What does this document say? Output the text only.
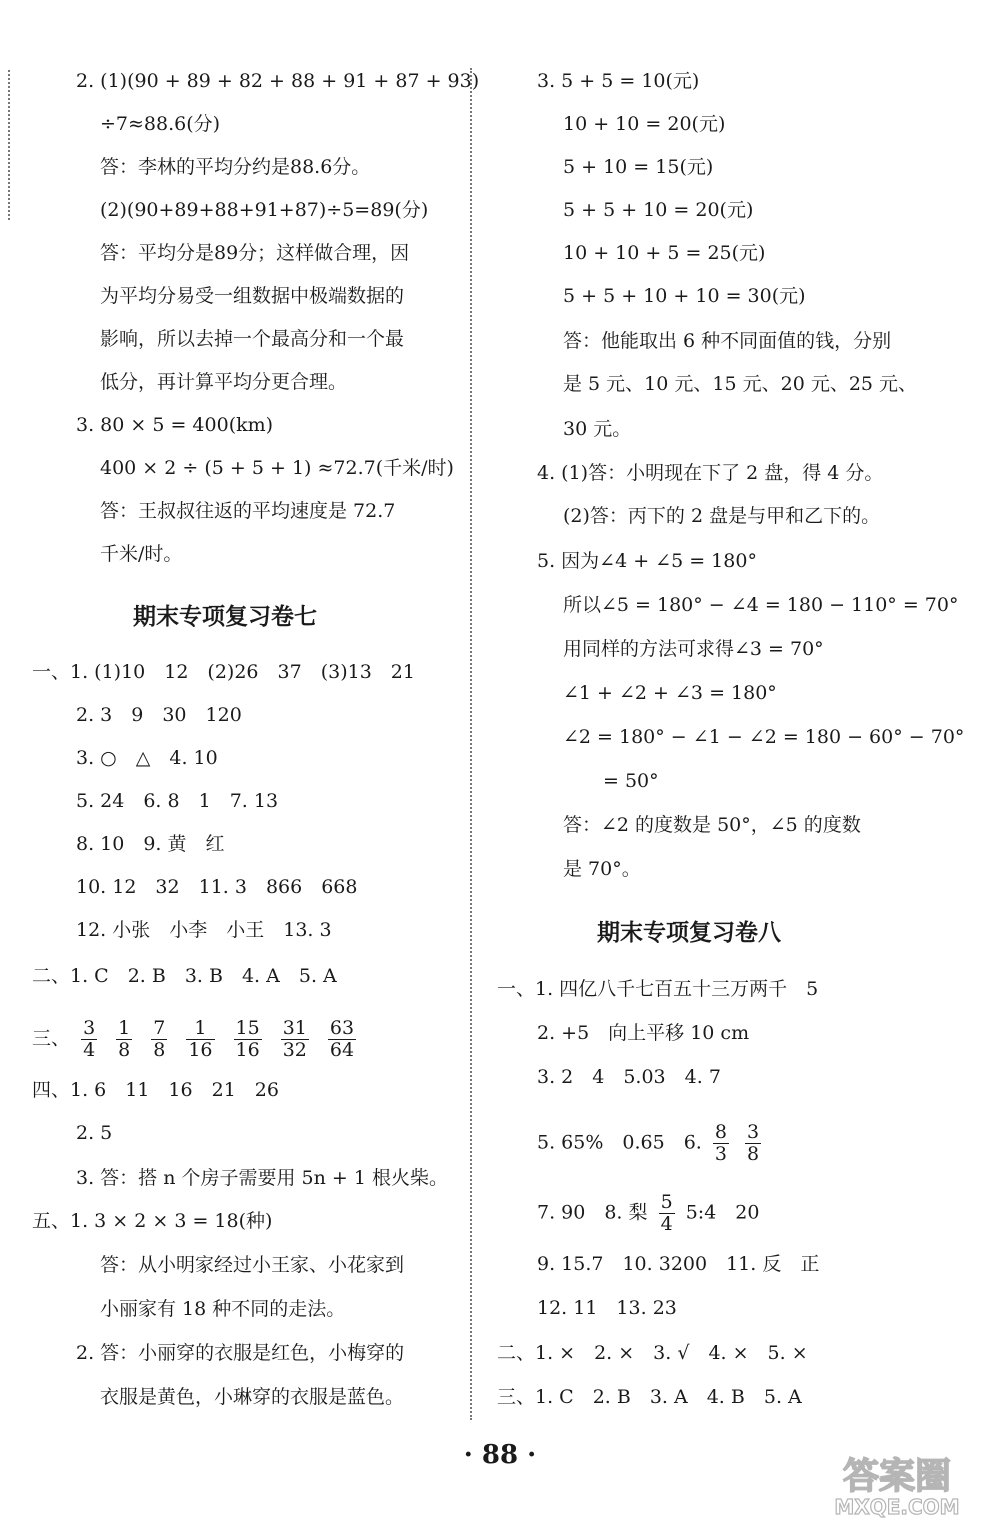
2. (1)(90 + 89 + 82 + 88 + 91 + 87 + 93)
÷7≈88.6(分)
答：李林的平均分约是88.6分。
(2)(90+89+88+91+87)÷5=89(分)
答：平均分是89分；这样做合理，因
为平均分易受一组数据中极端数据的
影响，所以去掉一个最高分和一个最
低分，再计算平均分更合理。
3. 80 × 5 = 400(km)
400 × 2 ÷ (5 + 5 + 1) ≈72.7(千米/时)
答：王叔叔往返的平均速度是 72.7
千米/时。
期末专项复习卷七
一、1. (1)10　12　(2)26　37　(3)13　21
2. 3　9　30　120
3. ○　△　4. 10
5. 24　6. 8　1　7. 13
8. 10　9. 黄　红
10. 12　32　11. 3　866　668
12. 小张　小李　小王　13. 3
二、1. C　2. B　3. B　4. A　5. A
三、 $\frac{3}{4} \frac{1}{8} \frac{7}{8} \frac{1}{16} \frac{15}{16} \frac{31}{32} \frac{63}{64}$
四、1. 6　11　16　21　26
2. 5
3. 答：搭 n 个房子需要用 5n + 1 根火柴。
五、1. 3 × 2 × 3 = 18(种)
答：从小明家经过小王家、小花家到
小丽家有 18 种不同的走法。
2. 答：小丽穿的衣服是红色，小梅穿的
衣服是黄色，小琳穿的衣服是蓝色。
3. 5 + 5 = 10(元)
10 + 10 = 20(元)
5 + 10 = 15(元)
5 + 5 + 10 = 20(元)
10 + 10 + 5 = 25(元)
5 + 5 + 10 + 10 = 30(元)
答：他能取出 6 种不同面值的钱，分别
是 5 元、10 元、15 元、20 元、25 元、
30 元。
4. (1)答：小明现在下了 2 盘，得 4 分。
(2)答：丙下的 2 盘是与甲和乙下的。
5. 因为∠4 + ∠5 = 180°
所以∠5 = 180° − ∠4 = 180 − 110° = 70°
用同样的方法可求得∠3 = 70°
∠1 + ∠2 + ∠3 = 180°
∠2 = 180° − ∠1 − ∠2 = 180 − 60° − 70°
= 50°
答：∠2 的度数是 50°，∠5 的度数
是 70°。
期末专项复习卷八
一、1. 四亿八千七百五十三万两千　5
2. +5　向上平移 10 cm
3. 2　4　5.03　4. 7
5. 65%　0.65　6. $\frac{8}{3}$
$\frac{3}{8}$
7. 90　8. 梨 $\frac{5}{4}$ 5:4　20
9. 15.7　10. 3200　11. 反　正
12. 11　13. 23
二、1. ×　2. ×　3. √　4. ×　5. ×
三、1. C　2. B　3. A　4. B　5. A
· 88 ·
答案圈
MXQE.COM
